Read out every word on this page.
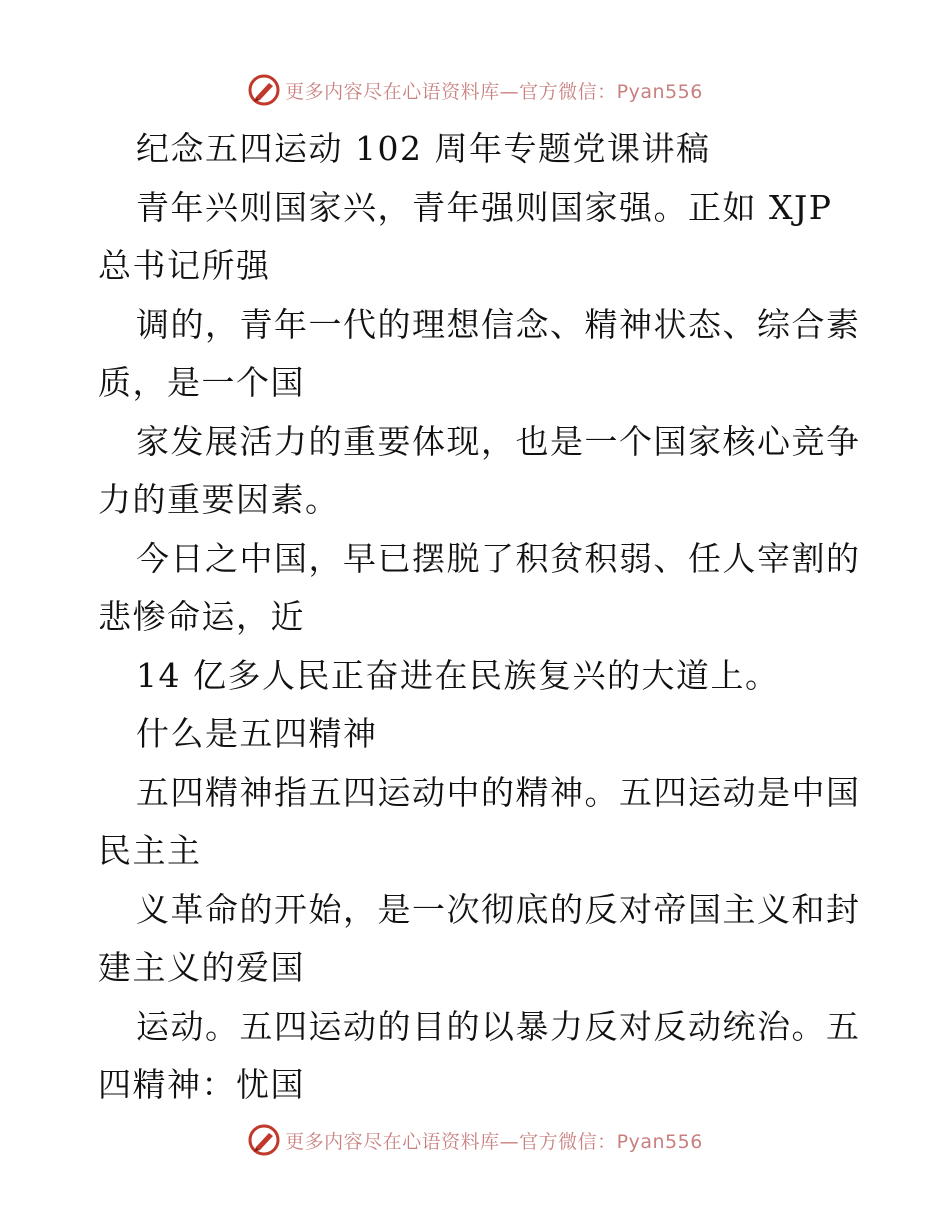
更多内容尽在心语资料库—官方微信：Pyan556

纪念五四运动 102 周年专题党课讲稿

青年兴则国家兴，青年强则国家强。正如 XJP

总书记所强

调的，青年一代的理想信念、精神状态、综合素

质，是一个国

家发展活力的重要体现，也是一个国家核心竞争

力的重要因素。

今日之中国，早已摆脱了积贫积弱、任人宰割的

悲惨命运，近

14 亿多人民正奋进在民族复兴的大道上。

什么是五四精神

五四精神指五四运动中的精神。五四运动是中国

民主主

义革命的开始，是一次彻底的反对帝国主义和封

建主义的爱国

运动。五四运动的目的以暴力反对反动统治。五

四精神：忧国

更多内容尽在心语资料库—官方微信：Pyan556
